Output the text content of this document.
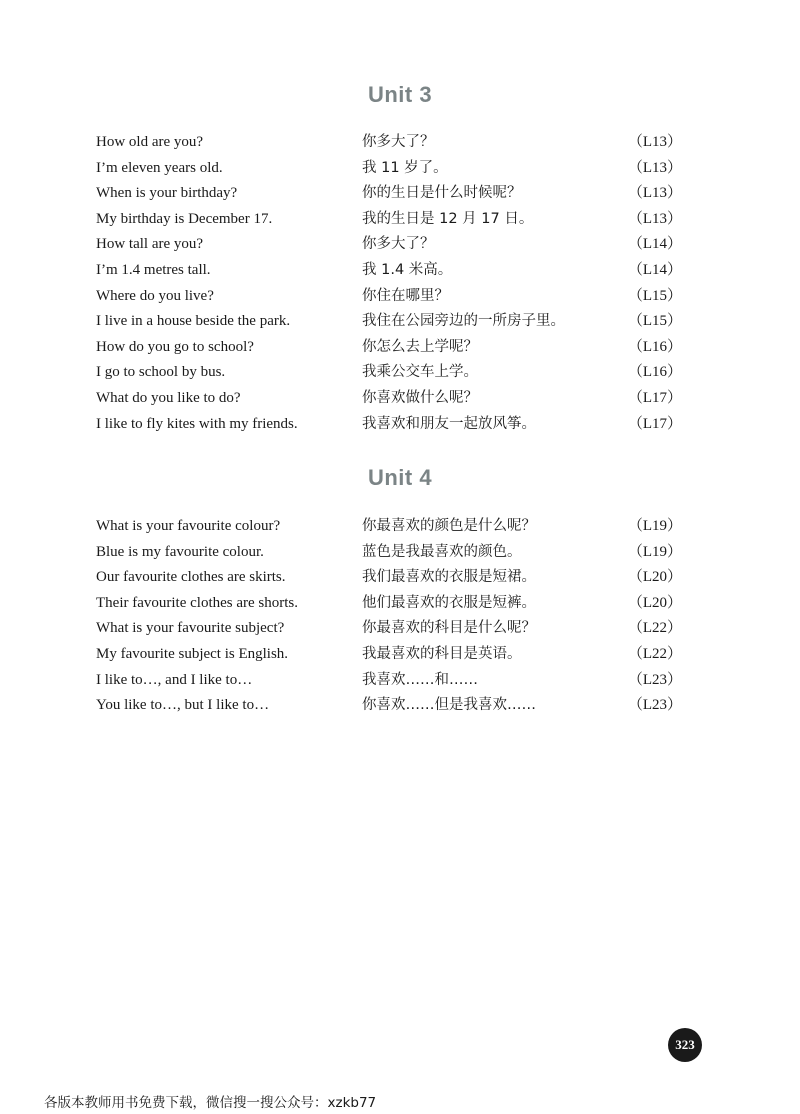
Unit 3
How old are you?	你多大了？	（L13）
I’m eleven years old.	我 11 岁了。	（L13）
When is your birthday?	你的生日是什么时候呢？	（L13）
My birthday is December 17.	我的生日是 12 月 17 日。	（L13）
How tall are you?	你多大了？	（L14）
I’m 1.4 metres tall.	我 1.4 米高。	（L14）
Where do you live?	你住在哪里？	（L15）
I live in a house beside the park.	我住在公园旁边的一所房子里。	（L15）
How do you go to school?	你怎么去上学呢？	（L16）
I go to school by bus.	我乘公交车上学。	（L16）
What do you like to do?	你喜欢做什么呢？	（L17）
I like to fly kites with my friends.	我喜欢和朋友一起放风筝。	（L17）
Unit 4
What is your favourite colour?	你最喜欢的颜色是什么呢？	（L19）
Blue is my favourite colour.	蓝色是我最喜欢的颜色。	（L19）
Our favourite clothes are skirts.	我们最喜欢的衣服是短裙。	（L20）
Their favourite clothes are shorts.	他们最喜欢的衣服是短裤。	（L20）
What is your favourite subject?	你最喜欢的科目是什么呢？	（L22）
My favourite subject is English.	我最喜欢的科目是英语。	（L22）
I like to…, and I like to…	我喜欢……和……	（L23）
You like to…, but I like to…	你喜欢……但是我喜欢……	（L23）
323
各版本教师用书免费下载，微信搜一搜公众号：xzkb77
